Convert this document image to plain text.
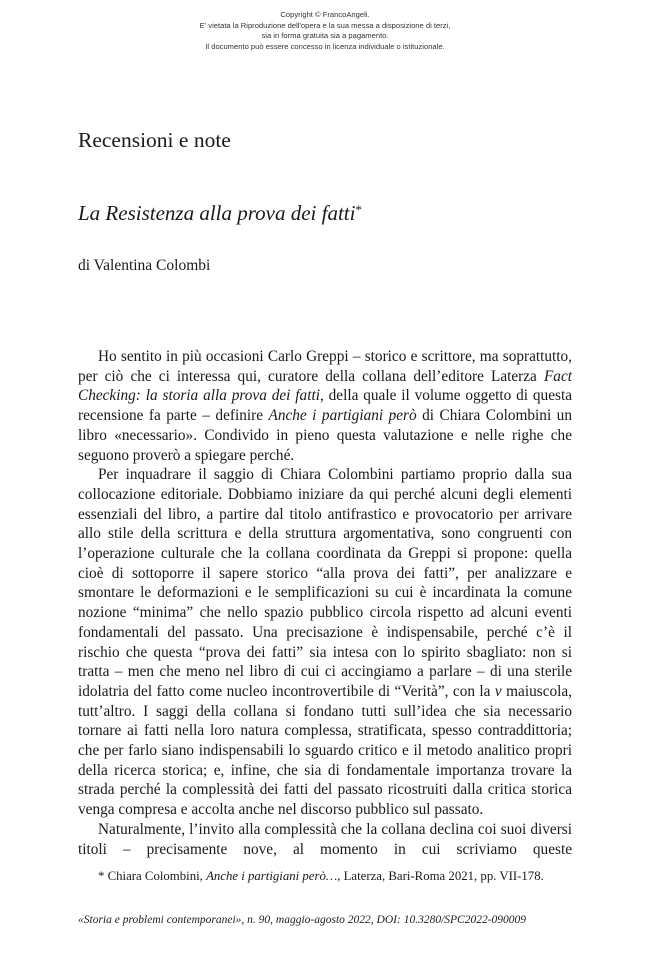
Copyright © FrancoAngeli.
E' vietata la Riproduzione dell'opera e la sua messa a disposizione di terzi,
sia in forma gratuita sia a pagamento.
Il documento può essere concesso in licenza individuale o istituzionale.
Recensioni e note
La Resistenza alla prova dei fatti*
di Valentina Colombi

Ho sentito in più occasioni Carlo Greppi – storico e scrittore, ma soprattutto, per ciò che ci interessa qui, curatore della collana dell’editore Laterza Fact Checking: la storia alla prova dei fatti, della quale il volume oggetto di questa recensione fa parte – definire Anche i partigiani però di Chiara Colombini un libro «necessario». Condivido in pieno questa valutazione e nelle righe che seguono proverò a spiegare perché.

Per inquadrare il saggio di Chiara Colombini partiamo proprio dalla sua collocazione editoriale. Dobbiamo iniziare da qui perché alcuni degli elementi essenziali del libro, a partire dal titolo antifrastico e provocatorio per arrivare allo stile della scrittura e della struttura argomentativa, sono congruenti con l’operazione culturale che la collana coordinata da Greppi si propone: quella cioè di sottoporre il sapere storico “alla prova dei fatti”, per analizzare e smontare le deformazioni e le semplificazioni su cui è incardinata la comune nozione “minima” che nello spazio pubblico circola rispetto ad alcuni eventi fondamentali del passato. Una precisazione è indispensabile, perché c’è il rischio che questa “prova dei fatti” sia intesa con lo spirito sbagliato: non si tratta – men che meno nel libro di cui ci accingiamo a parlare – di una sterile idolatria del fatto come nucleo incontrovertibile di “Verità”, con la v maiuscola, tutt’altro. I saggi della collana si fondano tutti sull’idea che sia necessario tornare ai fatti nella loro natura complessa, stratificata, spesso contraddittoria; che per farlo siano indispensabili lo sguardo critico e il metodo analitico propri della ricerca storica; e, infine, che sia di fondamentale importanza trovare la strada perché la complessità dei fatti del passato ricostruiti dalla critica storica venga compresa e accolta anche nel discorso pubblico sul passato.

Naturalmente, l’invito alla complessità che la collana declina coi suoi diversi titoli – precisamente nove, al momento in cui scriviamo queste

* Chiara Colombini, Anche i partigiani però…, Laterza, Bari-Roma 2021, pp. VII-178.
«Storia e problemi contemporanei», n. 90, maggio-agosto 2022, DOI: 10.3280/SPC2022-090009
